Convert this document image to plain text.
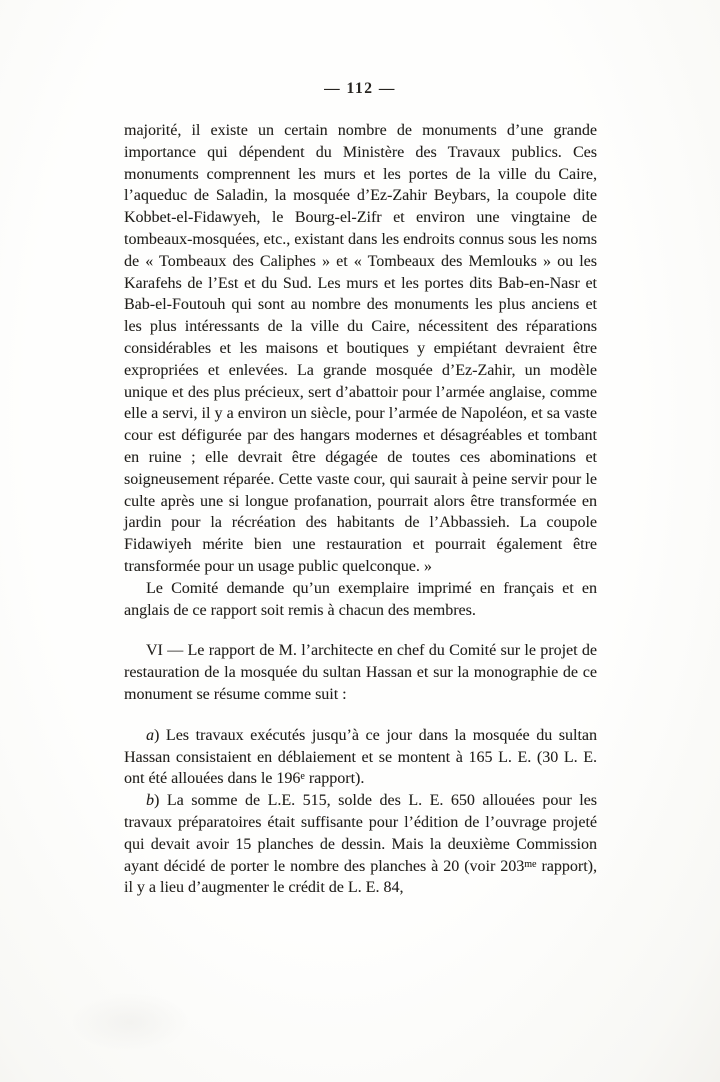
— 112 —

majorité, il existe un certain nombre de monuments d’une grande importance qui dépendent du Ministère des Travaux publics. Ces monuments comprennent les murs et les portes de la ville du Caire, l’aqueduc de Saladin, la mosquée d’Ez-Zahir Beybars, la coupole dite Kobbet-el-Fidawyeh, le Bourg-el-Zifr et environ une vingtaine de tombeaux-mosquées, etc., existant dans les endroits connus sous les noms de « Tombeaux des Caliphes » et « Tombeaux des Memlouks » ou les Karafehs de l’Est et du Sud. Les murs et les portes dits Bab-en-Nasr et Bab-el-Foutouh qui sont au nombre des monuments les plus anciens et les plus intéressants de la ville du Caire, nécessitent des réparations considérables et les maisons et boutiques y empiétant devraient être expropriées et enlevées. La grande mosquée d’Ez-Zahir, un modèle unique et des plus précieux, sert d’abattoir pour l’armée anglaise, comme elle a servi, il y a environ un siècle, pour l’armée de Napoléon, et sa vaste cour est défigurée par des hangars modernes et désagréables et tombant en ruine ; elle devrait être dégagée de toutes ces abominations et soigneusement réparée. Cette vaste cour, qui saurait à peine servir pour le culte après une si longue profanation, pourrait alors être transformée en jardin pour la récréation des habitants de l’Abbassieh. La coupole Fidawiyeh mérite bien une restauration et pourrait également être transformée pour un usage public quelconque. »

Le Comité demande qu’un exemplaire imprimé en français et en anglais de ce rapport soit remis à chacun des membres.

VI — Le rapport de M. l’architecte en chef du Comité sur le projet de restauration de la mosquée du sultan Hassan et sur la monographie de ce monument se résume comme suit :

a) Les travaux exécutés jusqu’à ce jour dans la mosquée du sultan Hassan consistaient en déblaiement et se montent à 165 L. E. (30 L. E. ont été allouées dans le 196e rapport).

b) La somme de L.E. 515, solde des L. E. 650 allouées pour les travaux préparatoires était suffisante pour l’édition de l’ouvrage projeté qui devait avoir 15 planches de dessin. Mais la deuxième Commission ayant décidé de porter le nombre des planches à 20 (voir $203^{me}$ rapport), il y a lieu d’augmenter le crédit de L. E. 84,
